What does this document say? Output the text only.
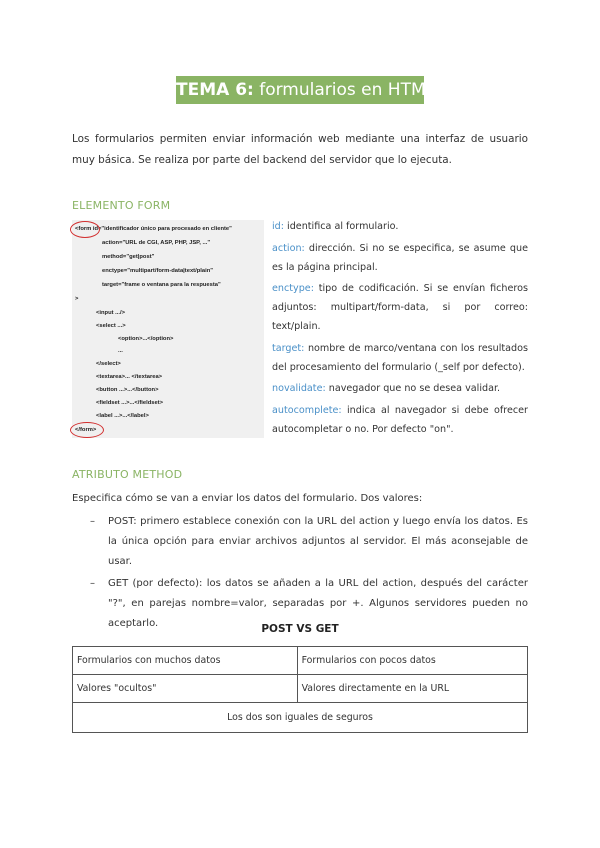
TEMA 6: formularios en HTML 5
Los formularios permiten enviar información web mediante una interfaz de usuario muy básica. Se realiza por parte del backend del servidor que lo ejecuta.
ELEMENTO FORM
<form id="identificador único para procesado en cliente"
action="URL de CGI, ASP, PHP, JSP, ..."
method="get|post"
enctype="multipart/form-data|text/plain"
target="frame o ventana para la respuesta"
>
<input .../>
<select ...>
<option>...</option>
...
</select>
<textarea>... </textarea>
<button ...>...</button>
<fieldset ...>...</fieldset>
<label ...>...</label>
</form>

id: identifica al formulario.

action: dirección. Si no se especifica, se asume que es la página principal.

enctype: tipo de codificación. Si se envían ficheros adjuntos: multipart/form-data, si por correo: text/plain.

target: nombre de marco/ventana con los resultados del procesamiento del formulario (_self por defecto).

novalidate: navegador que no se desea validar.

autocomplete: indica al navegador si debe ofrecer autocompletar o no. Por defecto "on".

ATRIBUTO METHOD
Especifica cómo se van a enviar los datos del formulario. Dos valores:
– POST: primero establece conexión con la URL del action y luego envía los datos. Es la única opción para enviar archivos adjuntos al servidor. El más aconsejable de usar.
– GET (por defecto): los datos se añaden a la URL del action, después del carácter "?", en parejas nombre=valor, separadas por +. Algunos servidores pueden no aceptarlo.	POST VS GET
Formularios con muchos datos	Formularios con pocos datos
Valores "ocultos"	Valores directamente en la URL
Los dos son iguales de seguros	
